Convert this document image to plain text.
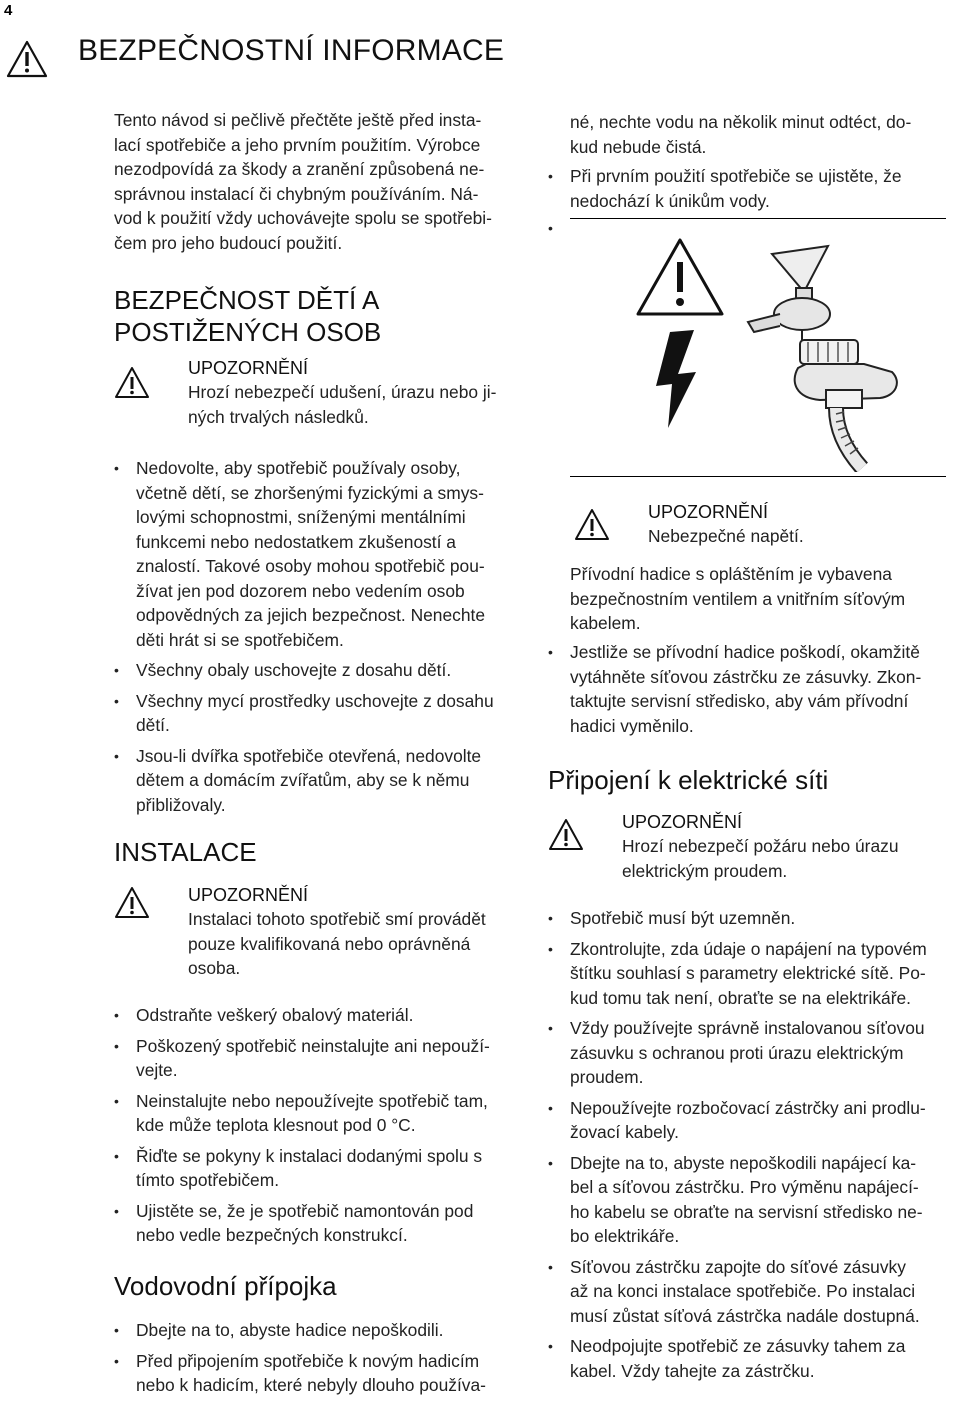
4
BEZPEČNOSTNÍ INFORMACE
Tento návod si pečlivě přečtěte ještě před insta-
lací spotřebiče a jeho prvním použitím. Výrobce
nezodpovídá za škody a zranění způsobená ne-
správnou instalací či chybným používáním. Ná-
vod k použití vždy uchovávejte spolu se spotřebi-
čem pro jeho budoucí použití.
BEZPEČNOST DĚTÍ A
POSTIŽENÝCH OSOB
UPOZORNĚNÍ
Hrozí nebezpečí udušení, úrazu nebo ji-
ných trvalých následků.
• Nedovolte, aby spotřebič používaly osoby,
včetně dětí, se zhoršenými fyzickými a smys-
lovými schopnostmi, sníženými mentálními
funkcemi nebo nedostatkem zkušeností a
znalostí. Takové osoby mohou spotřebič pou-
žívat jen pod dozorem nebo vedením osob
odpovědných za jejich bezpečnost. Nenechte
děti hrát si se spotřebičem.
• Všechny obaly uschovejte z dosahu dětí.
• Všechny mycí prostředky uschovejte z dosahu
dětí.
• Jsou-li dvířka spotřebiče otevřená, nedovolte
dětem a domácím zvířatům, aby se k němu
přibližovaly.
INSTALACE
UPOZORNĚNÍ
Instalaci tohoto spotřebič smí provádět
pouze kvalifikovaná nebo oprávněná
osoba.
• Odstraňte veškerý obalový materiál.
• Poškozený spotřebič neinstalujte ani nepouží-
vejte.
• Neinstalujte nebo nepoužívejte spotřebič tam,
kde může teplota klesnout pod 0 °C.
• Řiďte se pokyny k instalaci dodanými spolu s
tímto spotřebičem.
• Ujistěte se, že je spotřebič namontován pod
nebo vedle bezpečných konstrukcí.
Vodovodní přípojka
• Dbejte na to, abyste hadice nepoškodili.
• Před připojením spotřebiče k novým hadicím
nebo k hadicím, které nebyly dlouho používa-
né, nechte vodu na několik minut odtéct, do-
kud nebude čistá.
• Při prvním použití spotřebiče se ujistěte, že
nedochází k únikům vody.
•
UPOZORNĚNÍ
Nebezpečné napětí.
Přívodní hadice s opláštěním je vybavena
bezpečnostním ventilem a vnitřním síťovým
kabelem.
• Jestliže se přívodní hadice poškodí, okamžitě
vytáhněte síťovou zástrčku ze zásuvky. Zkon-
taktujte servisní středisko, aby vám přívodní
hadici vyměnilo.
Připojení k elektrické síti
UPOZORNĚNÍ
Hrozí nebezpečí požáru nebo úrazu
elektrickým proudem.
• Spotřebič musí být uzemněn.
• Zkontrolujte, zda údaje o napájení na typovém
štítku souhlasí s parametry elektrické sítě. Po-
kud tomu tak není, obraťte se na elektrikáře.
• Vždy používejte správně instalovanou síťovou
zásuvku s ochranou proti úrazu elektrickým
proudem.
• Nepoužívejte rozbočovací zástrčky ani prodlu-
žovací kabely.
• Dbejte na to, abyste nepoškodili napájecí ka-
bel a síťovou zástrčku. Pro výměnu napájecí-
ho kabelu se obraťte na servisní středisko ne-
bo elektrikáře.
• Síťovou zástrčku zapojte do síťové zásuvky
až na konci instalace spotřebiče. Po instalaci
musí zůstat síťová zástrčka nadále dostupná.
• Neodpojujte spotřebič ze zásuvky tahem za
kabel. Vždy tahejte za zástrčku.
